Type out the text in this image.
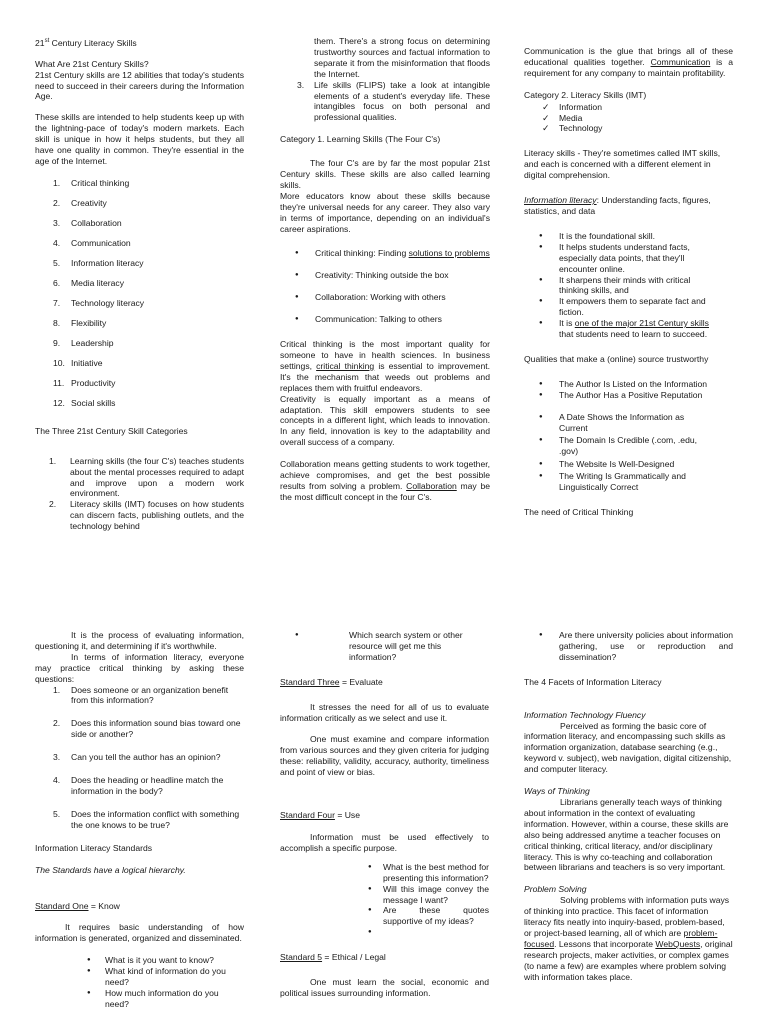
21st Century Literacy Skills
What Are 21st Century Skills?

21st Century skills are 12 abilities that today's students need to succeed in their careers during the Information Age.

These skills are intended to help students keep up with the lightning-pace of today's modern markets. Each skill is unique in how it helps students, but they all have one quality in common. They're essential in the age of the Internet.

1. Critical thinking
2. Creativity
3. Collaboration
4. Communication
5. Information literacy
6. Media literacy
7. Technology literacy
8. Flexibility
9. Leadership
10. Initiative
11. Productivity
12. Social skills
The Three 21st Century Skill Categories
1. Learning skills (the four C's) teaches students about the mental processes required to adapt and improve upon a modern work environment.
2. Literacy skills (IMT) focuses on how students can discern facts, publishing outlets, and the technology behind
them. There's a strong focus on determining trustworthy sources and factual information to separate it from the misinformation that floods the Internet.
3. Life skills (FLIPS) take a look at intangible elements of a student's everyday life. These intangibles focus on both personal and professional qualities.
Category 1. Learning Skills (The Four C's)
The four C's are by far the most popular 21st Century skills. These skills are also called learning skills.
More educators know about these skills because they're universal needs for any career. They also vary in terms of importance, depending on an individual's career aspirations.
● Critical thinking: Finding solutions to problems
● Creativity: Thinking outside the box
● Collaboration: Working with others
● Communication: Talking to others
Critical thinking is the most important quality for someone to have in health sciences. In business settings, critical thinking is essential to improvement. It's the mechanism that weeds out problems and replaces them with fruitful endeavors.

Creativity is equally important as a means of adaptation. This skill empowers students to see concepts in a different light, which leads to innovation. In any field, innovation is key to the adaptability and overall success of a company.

Collaboration means getting students to work together, achieve compromises, and get the best possible results from solving a problem. Collaboration may be the most difficult concept in the four C's.
Communication is the glue that brings all of these educational qualities together. Communication is a requirement for any company to maintain profitability.
Category 2. Literacy Skills (IMT)
✓ Information
✓ Media
✓ Technology

Literacy skills - They're sometimes called IMT skills, and each is concerned with a different element in digital comprehension.

Information literacy: Understanding facts, figures, statistics, and data
● It is the foundational skill.
● It helps students understand facts, especially data points, that they'll encounter online.
● It sharpens their minds with critical thinking skills, and
● It empowers them to separate fact and fiction.
● It is one of the major 21st Century skills that students need to learn to succeed.
Qualities that make a (online) source trustworthy
● The Author Is Listed on the Information
● The Author Has a Positive Reputation
● A Date Shows the Information as Current
● The Domain Is Credible (.com, .edu, .gov)
● The Website Is Well-Designed
● The Writing Is Grammatically and Linguistically Correct
The need of Critical Thinking
It is the process of evaluating information, questioning it, and determining if it's worthwhile.
In terms of information literacy, everyone may practice critical thinking by asking these questions:
1. Does someone or an organization benefit from this information?
2. Does this information sound bias toward one side or another?
3. Can you tell the author has an opinion?
4. Does the heading or headline match the information in the body?
5. Does the information conflict with something the one knows to be true?
Information Literacy Standards
The Standards have a logical hierarchy.
Standard One = Know
It requires basic understanding of how information is generated, organized and disseminated.
● What is it you want to know?
● What kind of information do you need?
● How much information do you need?
● Which search system or other resource will get me this information?
Standard Three = Evaluate
It stresses the need for all of us to evaluate information critically as we select and use it.
One must examine and compare information from various sources and they given criteria for judging these: reliability, validity, accuracy, authority, timeliness and point of view or bias.
Standard Four = Use
Information must be used effectively to accomplish a specific purpose.
● What is the best method for presenting this information?
● Will this image convey the message I want?
● Are these quotes supportive of my ideas?
●
Standard 5 = Ethical / Legal
One must learn the social, economic and political issues surrounding information.
● Are there university policies about information gathering, use or reproduction and dissemination?
The 4 Facets of Information Literacy
Information Technology Fluency
Perceived as forming the basic core of information literacy, and encompassing such skills as information organization, database searching (e.g., keyword v. subject), web navigation, digital citizenship, and computer literacy.
Ways of Thinking
Librarians generally teach ways of thinking about information in the context of evaluating information. However, within a course, these skills are also being addressed anytime a teacher focuses on critical thinking, critical literacy, and/or disciplinary literacy. This is why co-teaching and collaboration between librarians and teachers is so very important.
Problem Solving
Solving problems with information puts ways of thinking into practice. This facet of information literacy fits neatly into inquiry-based, problem-based, or project-based learning, all of which are problem-focused. Lessons that incorporate WebQuests, original research projects, maker activities, or complex games (to name a few) are examples where problem solving with information takes place.
